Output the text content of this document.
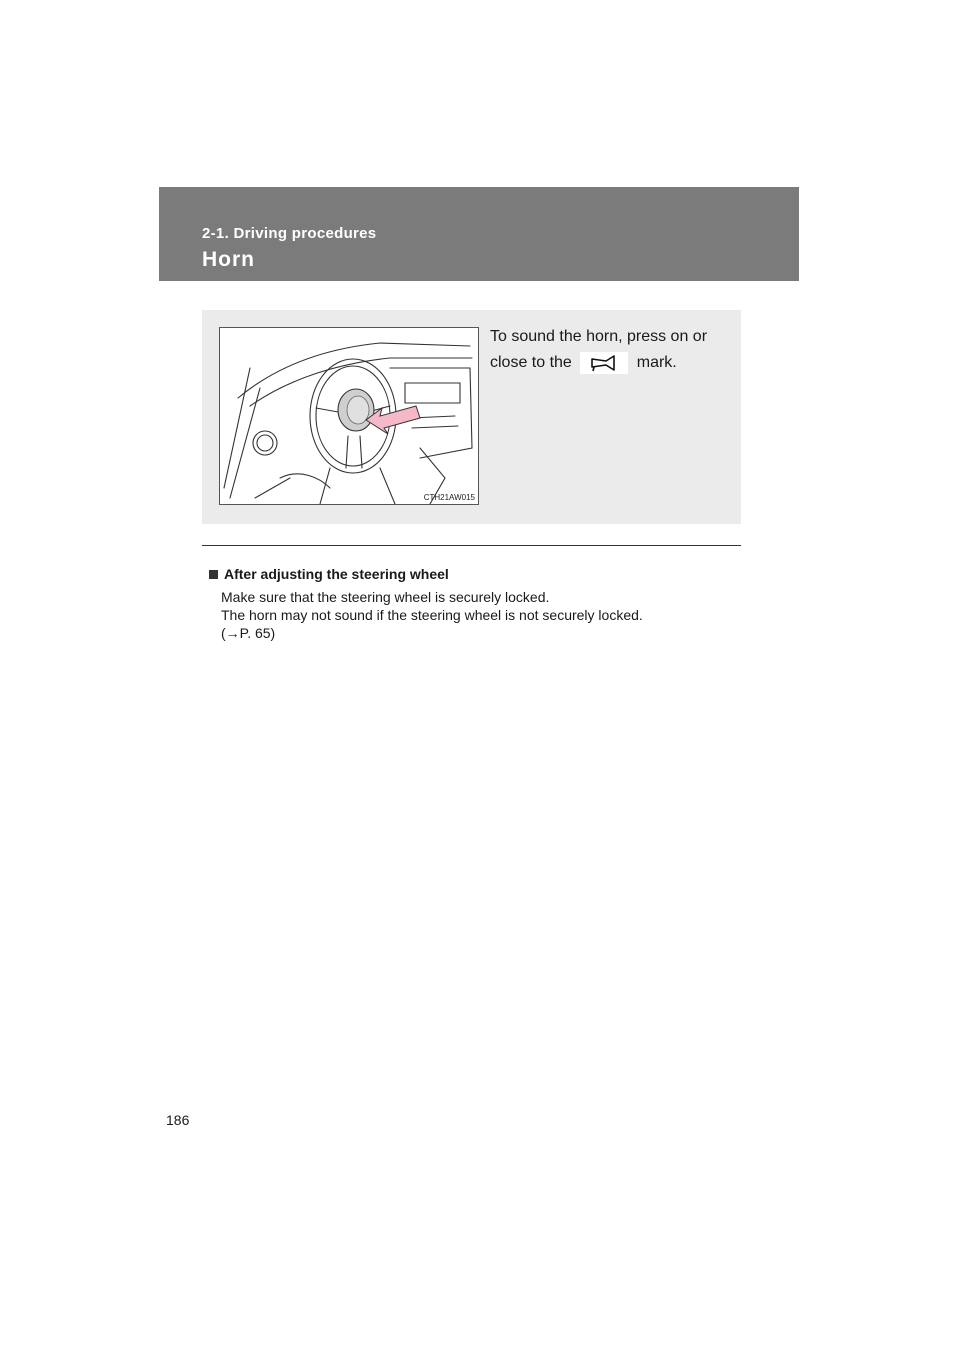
2-1. Driving procedures
Horn
CTH21AW015
To sound the horn, press on or close to the	mark.
After adjusting the steering wheel
Make sure that the steering wheel is securely locked.
The horn may not sound if the steering wheel is not securely locked.
(→P. 65)
186
